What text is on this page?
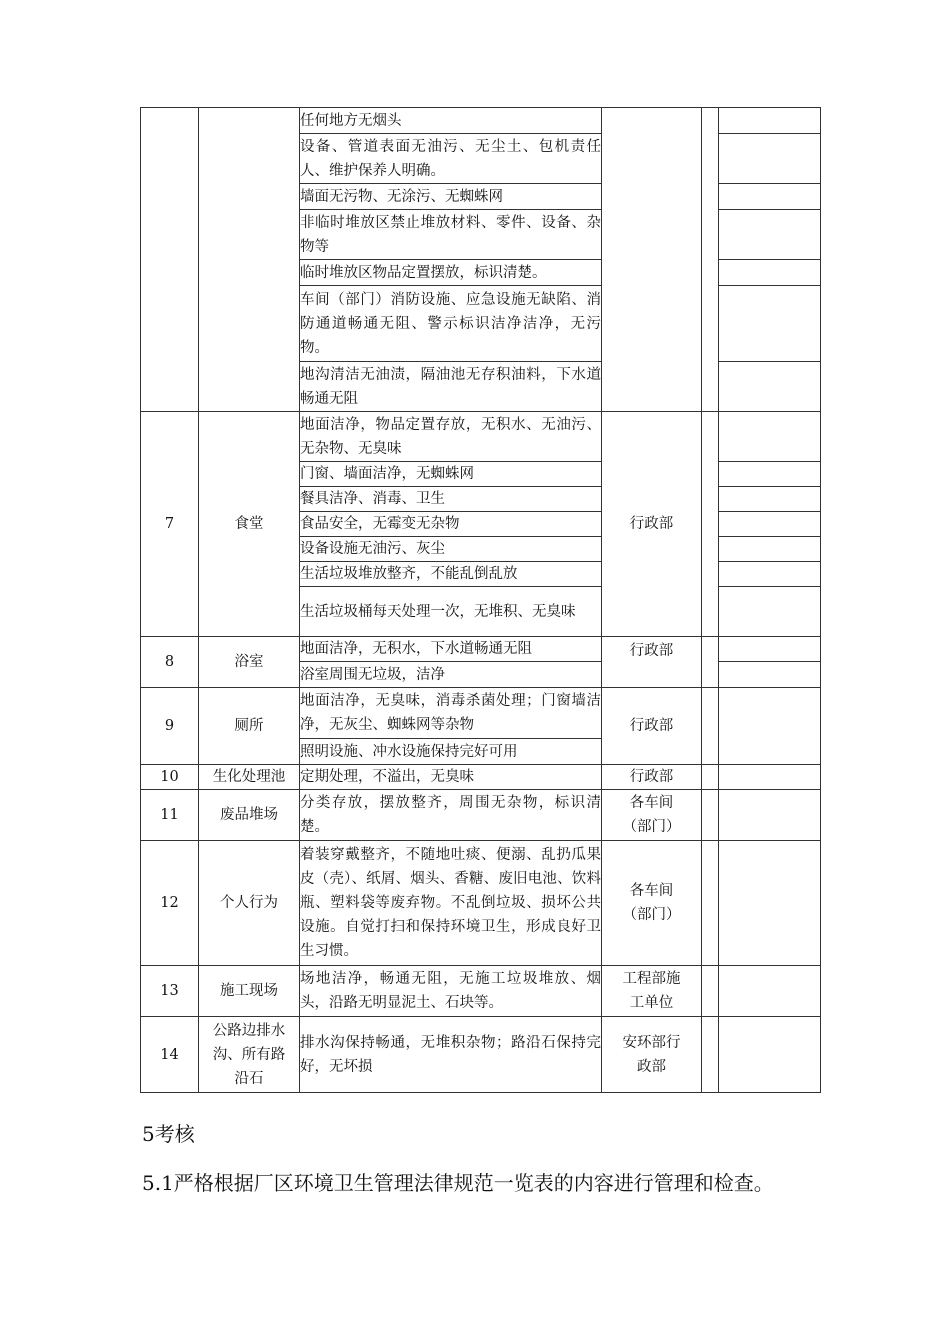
		任何地方无烟头			
		设备、管道表面无油污、无尘土、包机责任人、维护保养人明确。			
		墙面无污物、无涂污、无蜘蛛网			
		非临时堆放区禁止堆放材料、零件、设备、杂物等			
		临时堆放区物品定置摆放，标识清楚。			
		车间（部门）消防设施、应急设施无缺陷、消防通道畅通无阻、警示标识洁净洁净，无污物。			
		地沟清洁无油渍，隔油池无存积油料，下水道畅通无阻			
7	食堂	地面洁净，物品定置存放，无积水、无油污、无杂物、无臭味	行政部		
		门窗、墙面洁净，无蜘蛛网			
		餐具洁净、消毒、卫生			
		食品安全，无霉变无杂物			
		设备设施无油污、灰尘			
		生活垃圾堆放整齐，不能乱倒乱放			
		生活垃圾桶每天处理一次，无堆积、无臭味			
8	浴室	地面洁净，无积水，下水道畅通无阻	行政部		
		浴室周围无垃圾，洁净			
9	厕所	地面洁净，无臭味，消毒杀菌处理；门窗墙洁净，无灰尘、蜘蛛网等杂物	行政部		
		照明设施、冲水设施保持完好可用			
10	生化处理池	定期处理，不溢出，无臭味	行政部		
11	废品堆场	分类存放，摆放整齐，周围无杂物，标识清楚。	各车间（部门）		
12	个人行为	着装穿戴整齐，不随地吐痰、便溺、乱扔瓜果皮（壳）、纸屑、烟头、香糖、废旧电池、饮料瓶、塑料袋等废弃物。不乱倒垃圾、损坏公共设施。自觉打扫和保持环境卫生，形成良好卫生习惯。	各车间（部门）		
13	施工现场	场地洁净，畅通无阻，无施工垃圾堆放、烟头，沿路无明显泥土、石块等。	工程部施工单位		
14	公路边排水沟、所有路沿石	排水沟保持畅通，无堆积杂物；路沿石保持完好，无坏损	安环部行政部		
5考核
5.1严格根据厂区环境卫生管理法律规范一览表的内容进行管理和检查。
